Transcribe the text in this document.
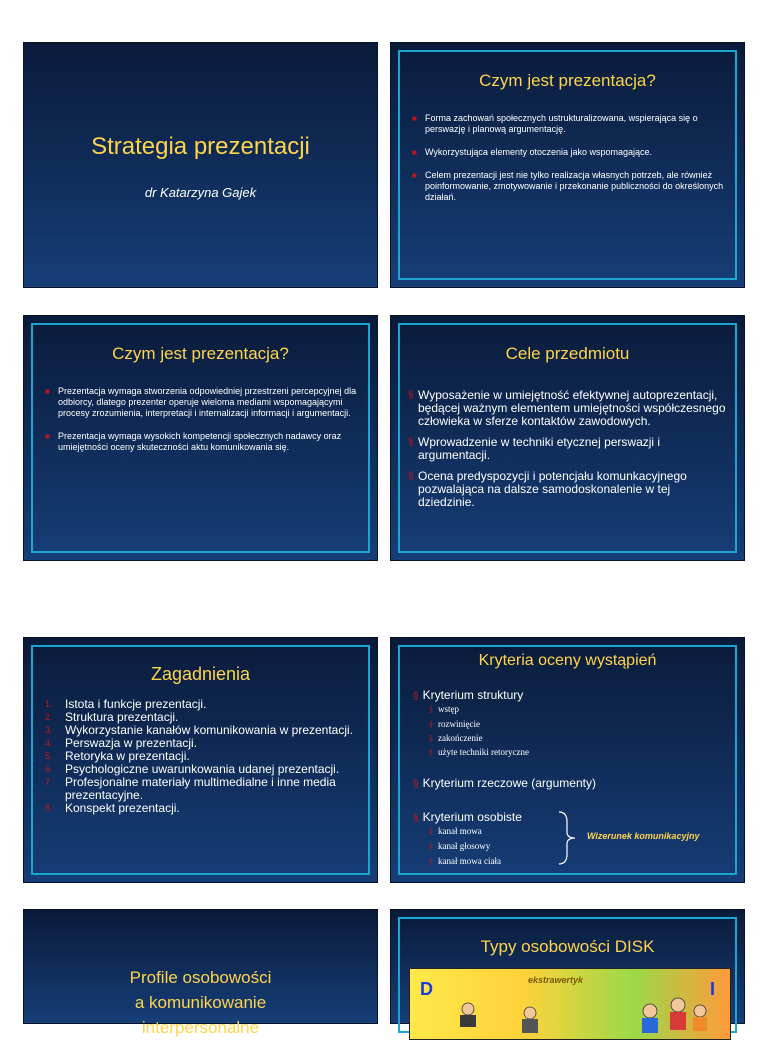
Strategia prezentacji
dr Katarzyna Gajek
Czym jest prezentacja?
■ Forma zachowań społecznych ustrukturalizowana, wspierająca się o perswazję i planową argumentację.
■ Wykorzystująca elementy otoczenia jako wspomagające.
■ Celem prezentacji jest nie tylko realizacja własnych potrzeb, ale również poinformowanie, zmotywowanie i przekonanie publiczności do określonych działań.
Czym jest prezentacja?
■ Prezentacja wymaga stworzenia odpowiedniej przestrzeni percepcyjnej dla odbiorcy, dlatego prezenter operuje wieloma mediami wspomagającymi procesy zrozumienia, interpretacji i internalizacji informacji i argumentacji.
■ Prezentacja wymaga wysokich kompetencji społecznych nadawcy oraz umiejętności oceny skuteczności aktu komunikowania się.
Cele przedmiotu
§ Wyposażenie w umiejętność efektywnej autoprezentacji, będącej ważnym elementem umiejętności współczesnego człowieka w sferze kontaktów zawodowych.
§ Wprowadzenie w techniki etycznej perswazji i argumentacji.
§ Ocena predyspozycji i potencjału komunkacyjnego pozwalająca na dalsze samodoskonalenie w tej dziedzinie.
Zagadnienia
1. Istota i funkcje prezentacji.
2. Struktura prezentacji.
3. Wykorzystanie kanałów komunikowania w prezentacji.
4. Perswazja w prezentacji.
5. Retoryka w prezentacji.
6. Psychologiczne uwarunkowania udanej prezentacji.
7. Profesjonalne materiały multimedialne i inne media prezentacyjne.
8. Konspekt prezentacji.
Kryteria oceny wystąpień
§ Kryterium struktury
§ wstęp
§ rozwinięcie
§ zakończenie
§ użyte techniki retoryczne
§ Kryterium rzeczowe (argumenty)
§ Kryterium osobiste
§ kanał mowa
§ kanał głosowy
§ kanał mowa ciała
Wizerunek komunikacyjny
Profile osobowości
a komunikowanie
interpersonalne
Typy osobowości DISK
D	I
ekstrawertyk
